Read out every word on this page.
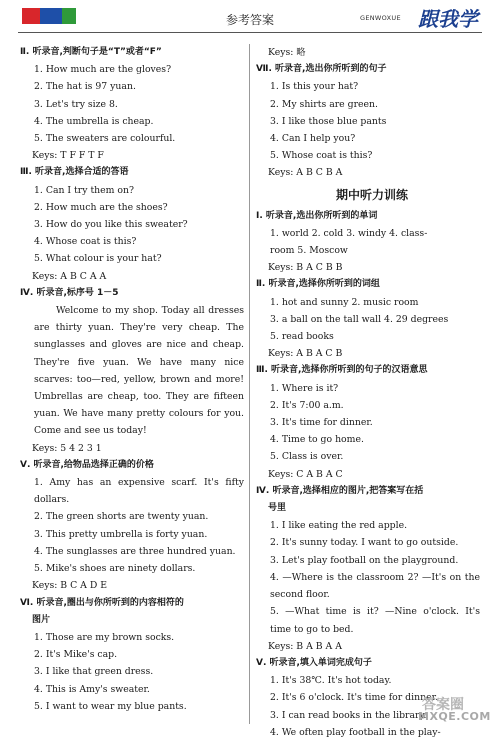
参考答案	GENWOXUE 跟我学
Ⅱ. 听录音,判断句子是“T”或者“F”
1. How much are the gloves?
2. The hat is 97 yuan.
3. Let's try size 8.
4. The umbrella is cheap.
5. The sweaters are colourful.
Keys: T F F T F
Ⅲ. 听录音,选择合适的答语
1. Can I try them on?
2. How much are the shoes?
3. How do you like this sweater?
4. Whose coat is this?
5. What colour is your hat?
Keys: A B C A A
Ⅳ. 听录音,标序号 1－5
Welcome to my shop. Today all dresses are thirty yuan. They're very cheap. The sunglasses and gloves are nice and cheap. They're five yuan. We have many nice scarves: too—red, yellow, brown and more! Umbrellas are cheap, too. They are fifteen yuan. We have many pretty colours for you. Come and see us today!
Keys: 5 4 2 3 1
Ⅴ. 听录音,给物品选择正确的价格
1. Amy has an expensive scarf. It's fifty dollars.
2. The green shorts are twenty yuan.
3. This pretty umbrella is forty yuan.
4. The sunglasses are three hundred yuan.
5. Mike's shoes are ninety dollars.
Keys: B C A D E
Ⅵ. 听录音,圈出与你所听到的内容相符的
图片
1. Those are my brown socks.
2. It's Mike's cap.
3. I like that green dress.
4. This is Amy's sweater.
5. I want to wear my blue pants.
Keys: 略
Ⅶ. 听录音,选出你所听到的句子
1. Is this your hat?
2. My shirts are green.
3. I like those blue pants
4. Can I help you?
5. Whose coat is this?
Keys: A B C B A
期中听力训练
Ⅰ. 听录音,选出你所听到的单词
1. world 2. cold 3. windy 4. class-
room 5. Moscow
Keys: B A C B B
Ⅱ. 听录音,选择你所听到的词组
1. hot and sunny 2. music room
3. a ball on the tall wall 4. 29 degrees
5. read books
Keys: A B A C B
Ⅲ. 听录音,选择你所听到的句子的汉语意思
1. Where is it?
2. It's 7:00 a.m.
3. It's time for dinner.
4. Time to go home.
5. Class is over.
Keys: C A B A C
Ⅳ. 听录音,选择相应的图片,把答案写在括
号里
1. I like eating the red apple.
2. It's sunny today. I want to go outside.
3. Let's play football on the playground.
4. —Where is the classroom 2? —It's on the second floor.
5. —What time is it? —Nine o'clock. It's time to go to bed.
Keys: B A B A A
Ⅴ. 听录音,填入单词完成句子
1. It's 38℃. It's hot today.
2. It's 6 o'clock. It's time for dinner.
3. I can read books in the library.
4. We often play football in the play-
答案圈
MXQE.COM
